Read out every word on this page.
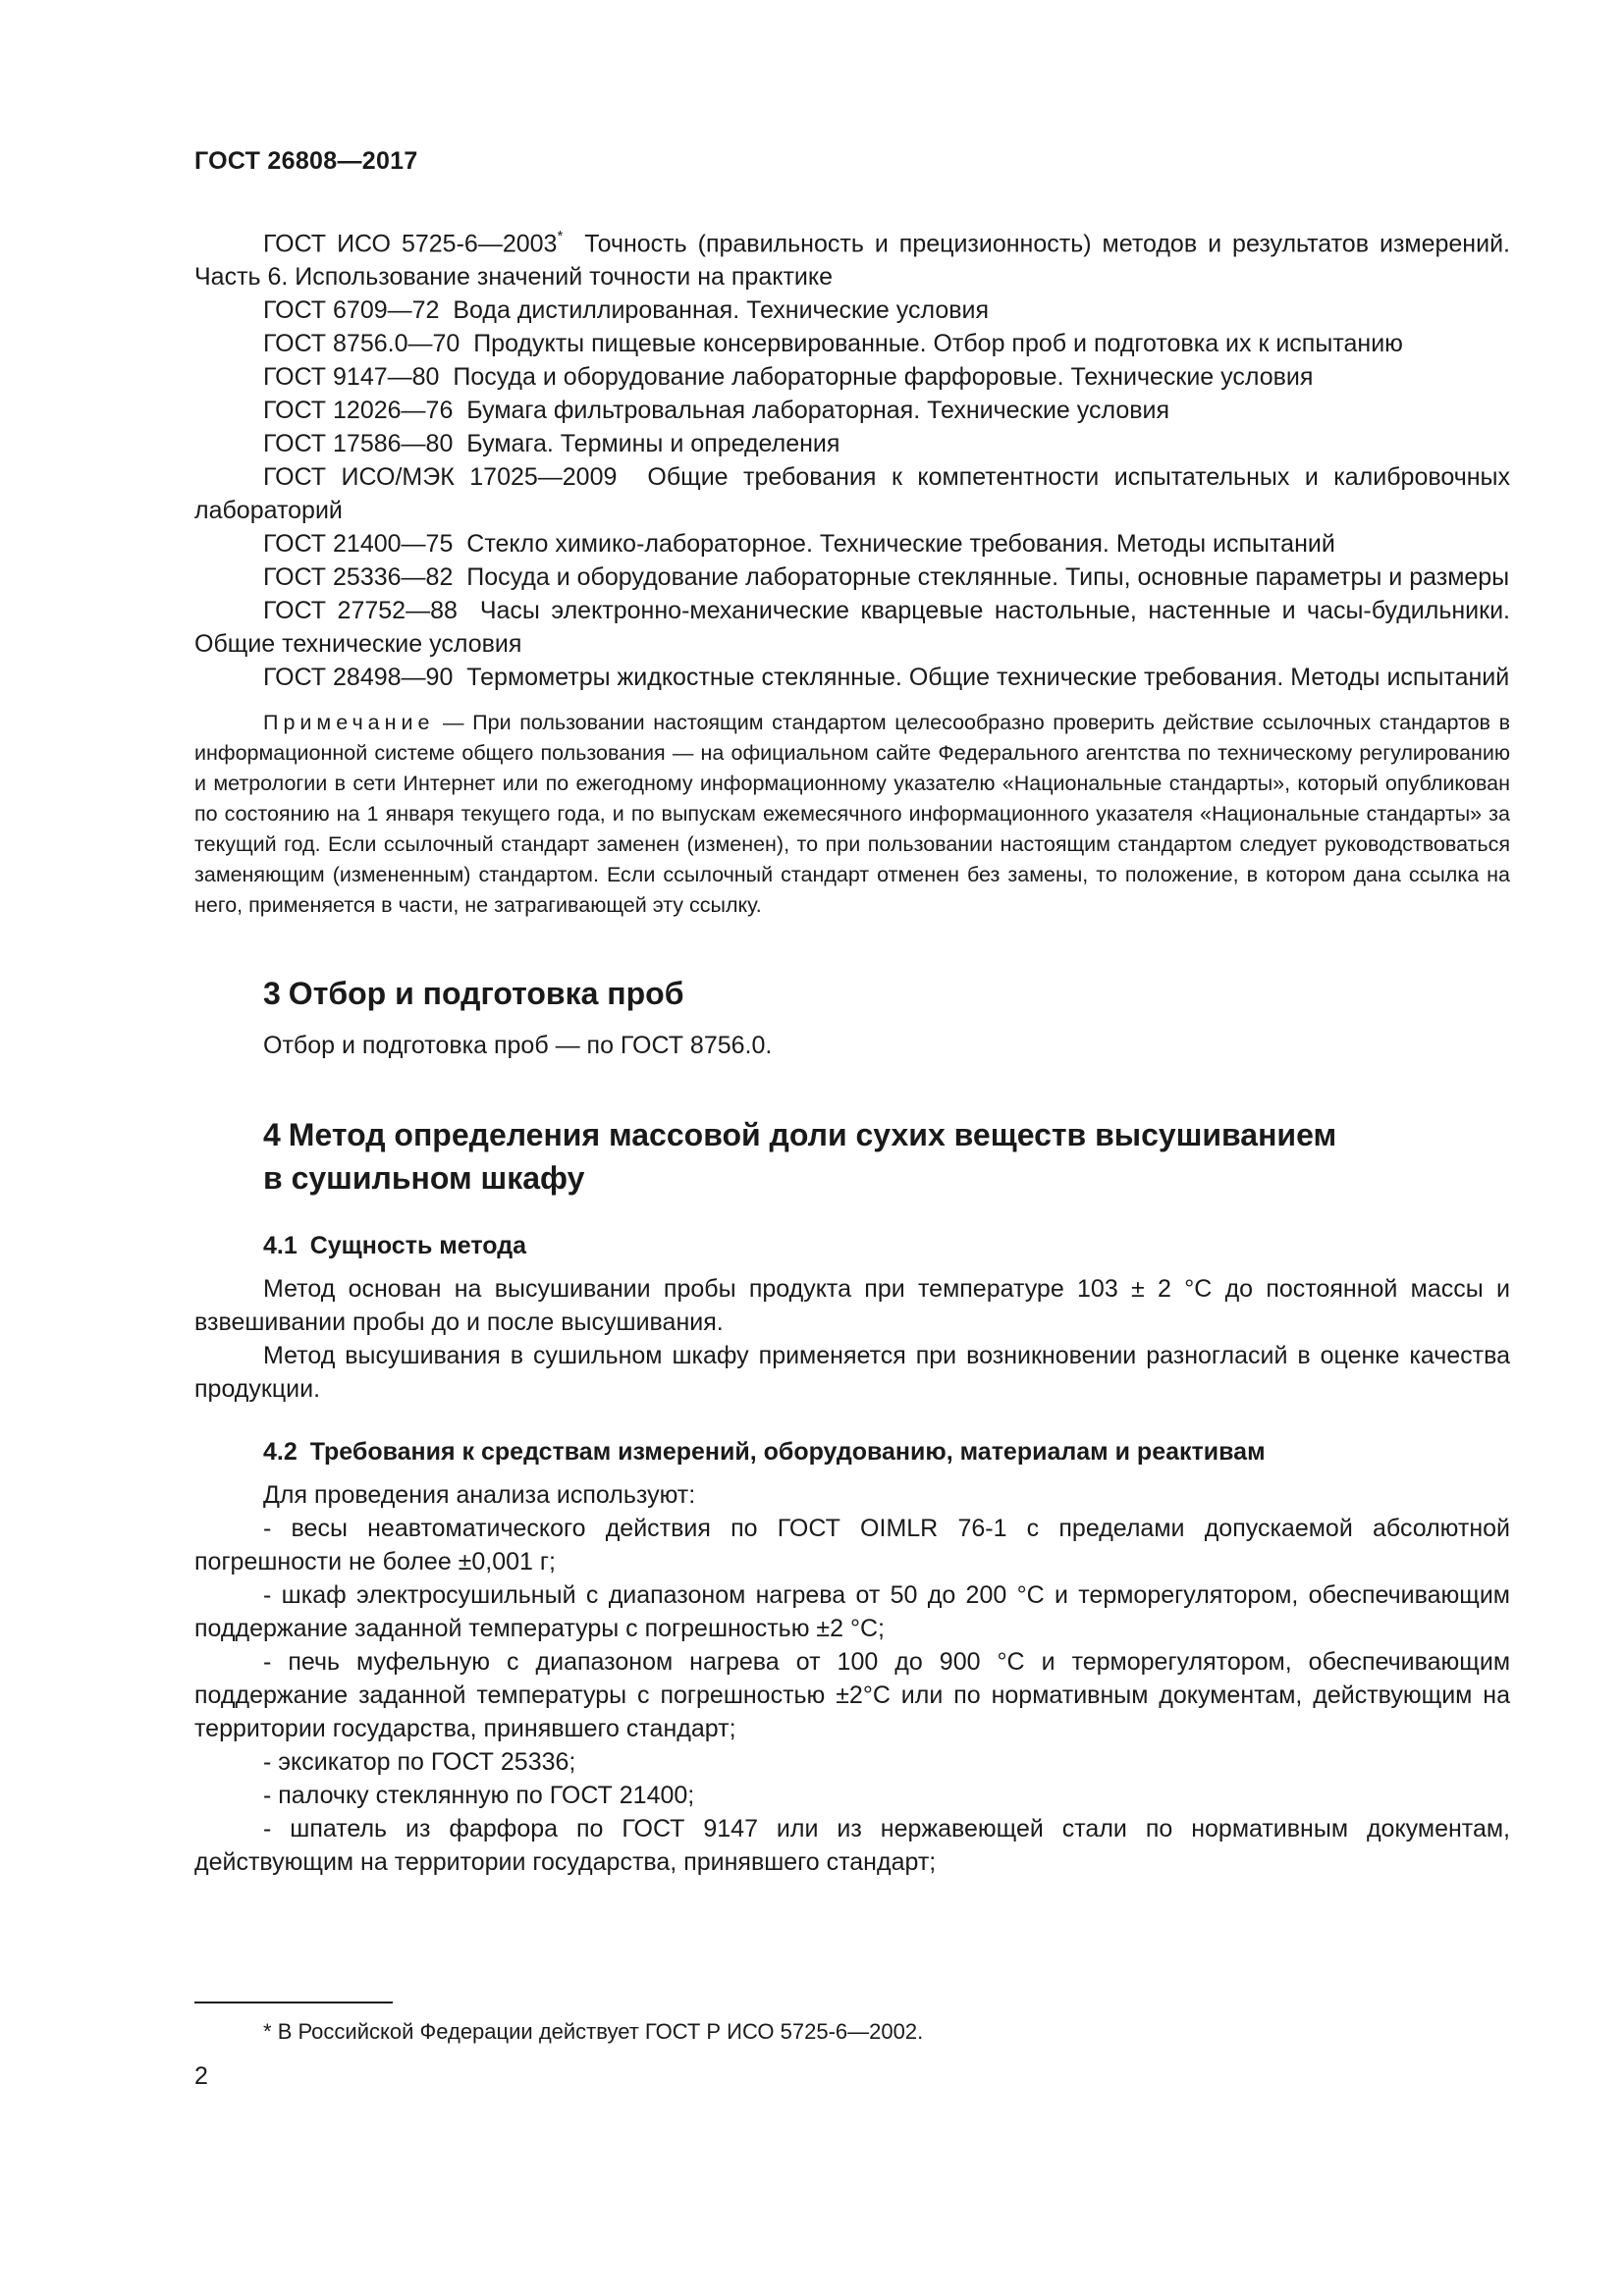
ГОСТ 26808—2017

ГОСТ ИСО 5725-6—2003* Точность (правильность и прецизионность) методов и результатов измерений. Часть 6. Использование значений точности на практике

ГОСТ 6709—72 Вода дистиллированная. Технические условия

ГОСТ 8756.0—70 Продукты пищевые консервированные. Отбор проб и подготовка их к испытанию

ГОСТ 9147—80 Посуда и оборудование лабораторные фарфоровые. Технические условия

ГОСТ 12026—76 Бумага фильтровальная лабораторная. Технические условия

ГОСТ 17586—80 Бумага. Термины и определения

ГОСТ ИСО/МЭК 17025—2009 Общие требования к компетентности испытательных и калибровочных лабораторий

ГОСТ 21400—75 Стекло химико-лабораторное. Технические требования. Методы испытаний

ГОСТ 25336—82 Посуда и оборудование лабораторные стеклянные. Типы, основные параметры и размеры

ГОСТ 27752—88 Часы электронно-механические кварцевые настольные, настенные и часы-будильники. Общие технические условия

ГОСТ 28498—90 Термометры жидкостные стеклянные. Общие технические требования. Методы испытаний

Примечание — При пользовании настоящим стандартом целесообразно проверить действие ссылочных стандартов в информационной системе общего пользования — на официальном сайте Федерального агентства по техническому регулированию и метрологии в сети Интернет или по ежегодному информационному указателю «Национальные стандарты», который опубликован по состоянию на 1 января текущего года, и по выпускам ежемесячного информационного указателя «Национальные стандарты» за текущий год. Если ссылочный стандарт заменен (изменен), то при пользовании настоящим стандартом следует руководствоваться заменяющим (измененным) стандартом. Если ссылочный стандарт отменен без замены, то положение, в котором дана ссылка на него, применяется в части, не затрагивающей эту ссылку.

3 Отбор и подготовка проб

Отбор и подготовка проб — по ГОСТ 8756.0.

4 Метод определения массовой доли сухих веществ высушиванием
в сушильном шкафу
4.1 Сущность метода

Метод основан на высушивании пробы продукта при температуре 103 ± 2 °С до постоянной массы и взвешивании пробы до и после высушивания.

Метод высушивания в сушильном шкафу применяется при возникновении разногласий в оценке качества продукции.

4.2 Требования к средствам измерений, оборудованию, материалам и реактивам

Для проведения анализа используют:

- весы неавтоматического действия по ГОСТ OIMLR 76-1 с пределами допускаемой абсолютной погрешности не более ±0,001 г;

- шкаф электросушильный с диапазоном нагрева от 50 до 200 °С и терморегулятором, обеспечивающим поддержание заданной температуры с погрешностью ±2 °С;

- печь муфельную с диапазоном нагрева от 100 до 900 °С и терморегулятором, обеспечивающим поддержание заданной температуры с погрешностью ±2°С или по нормативным документам, действующим на территории государства, принявшего стандарт;

- эксикатор по ГОСТ 25336;

- палочку стеклянную по ГОСТ 21400;

- шпатель из фарфора по ГОСТ 9147 или из нержавеющей стали по нормативным документам, действующим на территории государства, принявшего стандарт;

* В Российской Федерации действует ГОСТ Р ИСО 5725-6—2002.
2
